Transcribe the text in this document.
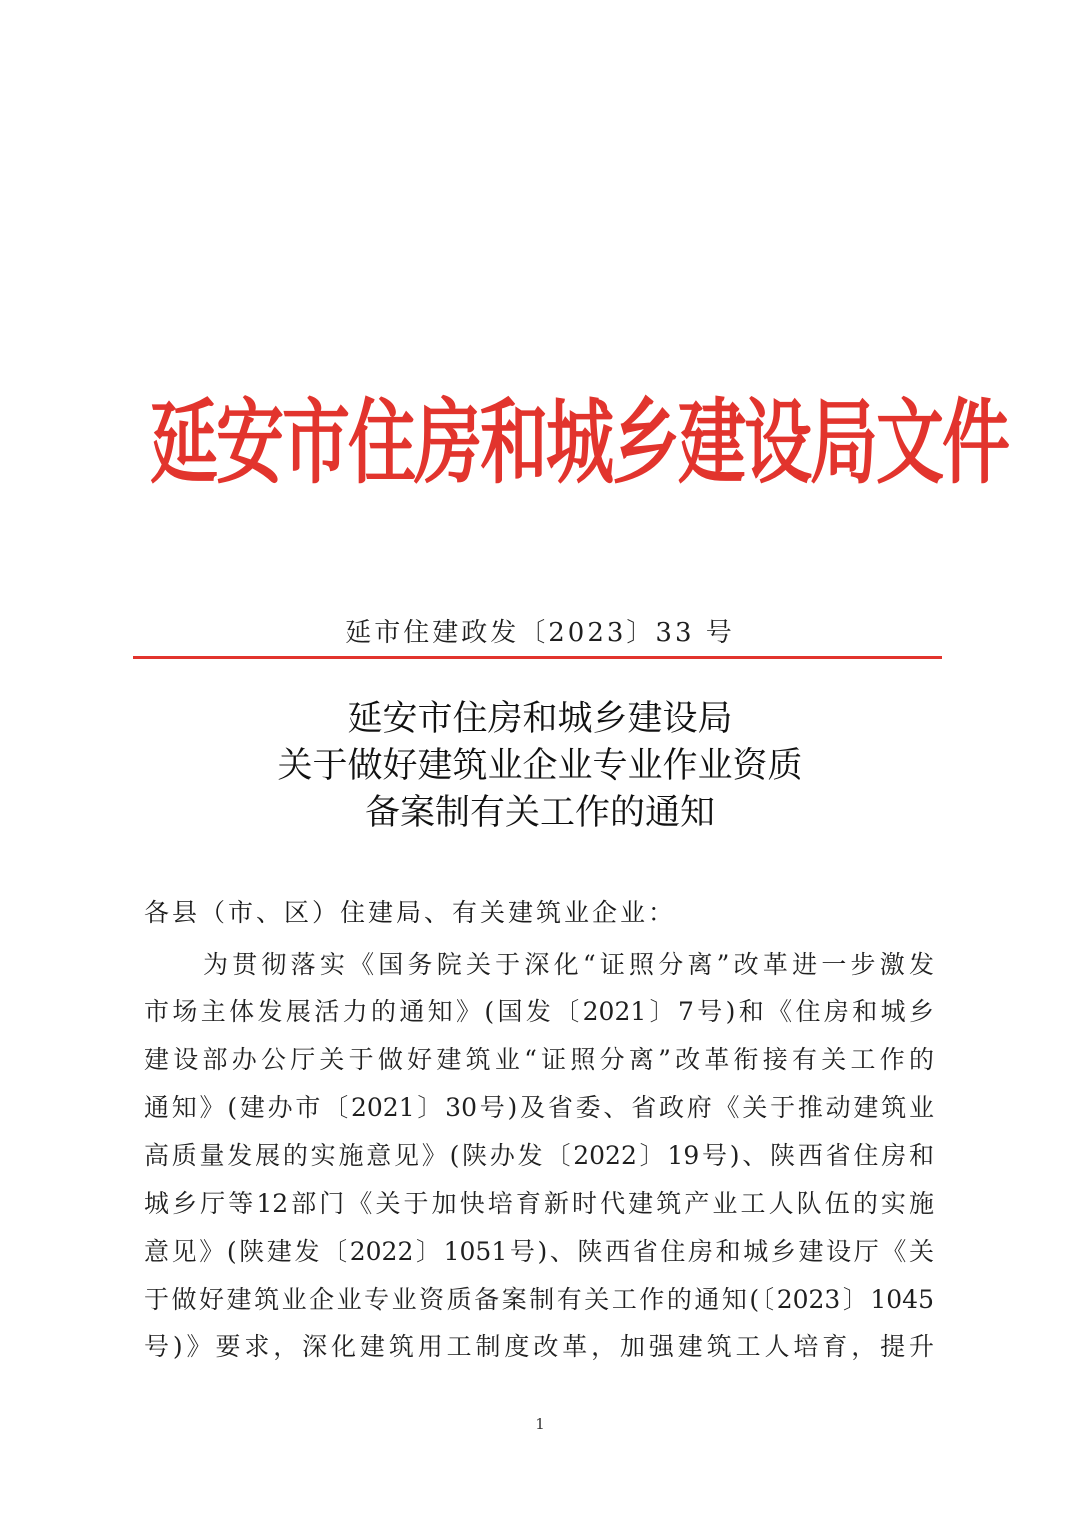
延安市住房和城乡建设局文件
延市住建政发〔2023〕33 号
延安市住房和城乡建设局
关于做好建筑业企业专业作业资质
备案制有关工作的通知
各县（市、区）住建局、有关建筑业企业：
为贯彻落实《国务院关于深化“证照分离”改革进一步激发
市场主体发展活力的通知》(国发〔2021〕7号)和《住房和城乡
建设部办公厅关于做好建筑业“证照分离”改革衔接有关工作的
通知》(建办市〔2021〕30号)及省委、省政府《关于推动建筑业
高质量发展的实施意见》(陕办发〔2022〕19号)、陕西省住房和
城乡厅等12部门《关于加快培育新时代建筑产业工人队伍的实施
意见》(陕建发〔2022〕1051号)、陕西省住房和城乡建设厅《关
于做好建筑业企业专业资质备案制有关工作的通知(〔2023〕1045
号)》要求，深化建筑用工制度改革，加强建筑工人培育，提升
1
